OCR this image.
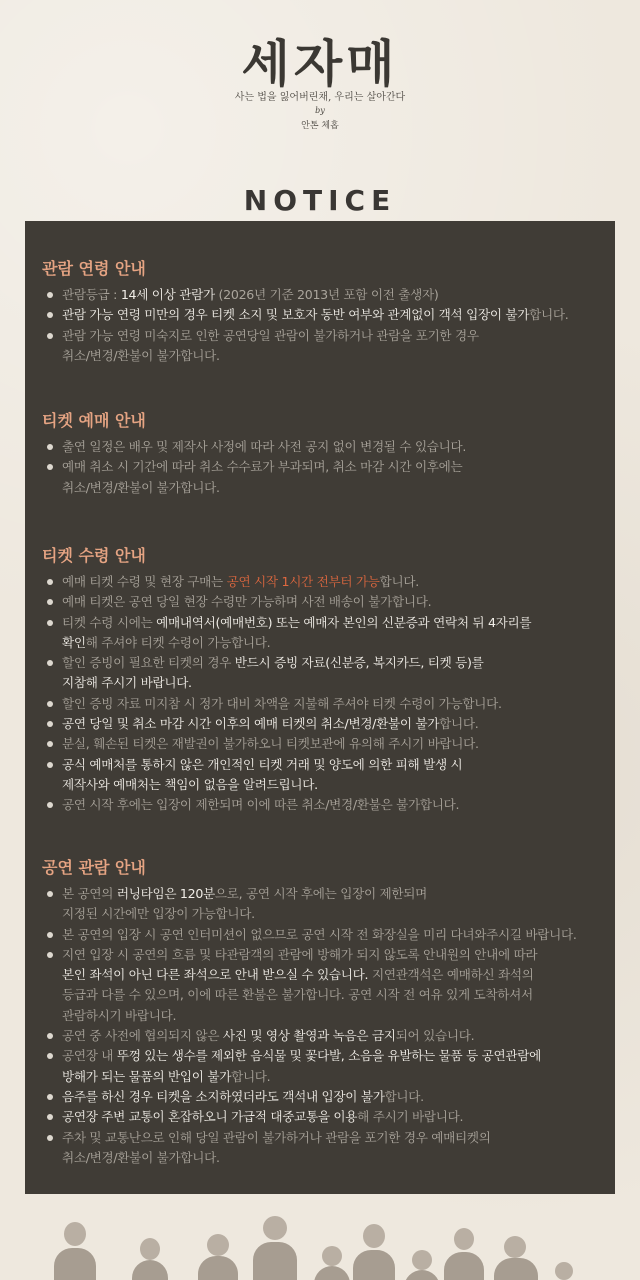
세자매
사는 법을 잃어버린채, 우리는 살아간다
by
안톤 체홉
NOTICE
관람 연령 안내
관람등급 : 14세 이상 관람가 (2026년 기준 2013년 포함 이전 출생자)
관람 가능 연령 미만의 경우 티켓 소지 및 보호자 동반 여부와 관계없이 객석 입장이 불가합니다.
관람 가능 연령 미숙지로 인한 공연당일 관람이 불가하거나 관람을 포기한 경우
취소/변경/환불이 불가합니다.
티켓 예매 안내
출연 일정은 배우 및 제작사 사정에 따라 사전 공지 없이 변경될 수 있습니다.
예매 취소 시 기간에 따라 취소 수수료가 부과되며, 취소 마감 시간 이후에는
취소/변경/환불이 불가합니다.
티켓 수령 안내
예매 티켓 수령 및 현장 구매는 공연 시작 1시간 전부터 가능합니다.
예매 티켓은 공연 당일 현장 수령만 가능하며 사전 배송이 불가합니다.
티켓 수령 시에는 예매내역서(예매번호) 또는 예매자 본인의 신분증과 연락처 뒤 4자리를
확인해 주셔야 티켓 수령이 가능합니다.
할인 증빙이 필요한 티켓의 경우 반드시 증빙 자료(신분증, 복지카드, 티켓 등)를
지참해 주시기 바랍니다.
할인 증빙 자료 미지참 시 정가 대비 차액을 지불해 주셔야 티켓 수령이 가능합니다.
공연 당일 및 취소 마감 시간 이후의 예매 티켓의 취소/변경/환불이 불가합니다.
분실, 훼손된 티켓은 재발권이 불가하오니 티켓보관에 유의해 주시기 바랍니다.
공식 예매처를 통하지 않은 개인적인 티켓 거래 및 양도에 의한 피해 발생 시
제작사와 예매처는 책임이 없음을 알려드립니다.
공연 시작 후에는 입장이 제한되며 이에 따른 취소/변경/환불은 불가합니다.
공연 관람 안내
본 공연의 러닝타임은 120분으로, 공연 시작 후에는 입장이 제한되며
지정된 시간에만 입장이 가능합니다.
본 공연의 입장 시 공연 인터미션이 없으므로 공연 시작 전 화장실을 미리 다녀와주시길 바랍니다.
지연 입장 시 공연의 흐름 및 타관람객의 관람에 방해가 되지 않도록 안내원의 안내에 따라
본인 좌석이 아닌 다른 좌석으로 안내 받으실 수 있습니다. 지연관객석은 예매하신 좌석의
등급과 다를 수 있으며, 이에 따른 환불은 불가합니다. 공연 시작 전 여유 있게 도착하셔서
관람하시기 바랍니다.
공연 중 사전에 협의되지 않은 사진 및 영상 촬영과 녹음은 금지되어 있습니다.
공연장 내 뚜껑 있는 생수를 제외한 음식물 및 꽃다발, 소음을 유발하는 물품 등 공연관람에
방해가 되는 물품의 반입이 불가합니다.
음주를 하신 경우 티켓을 소지하였더라도 객석내 입장이 불가합니다.
공연장 주변 교통이 혼잡하오니 가급적 대중교통을 이용해 주시기 바랍니다.
주차 및 교통난으로 인해 당일 관람이 불가하거나 관람을 포기한 경우 예매티켓의
취소/변경/환불이 불가합니다.
